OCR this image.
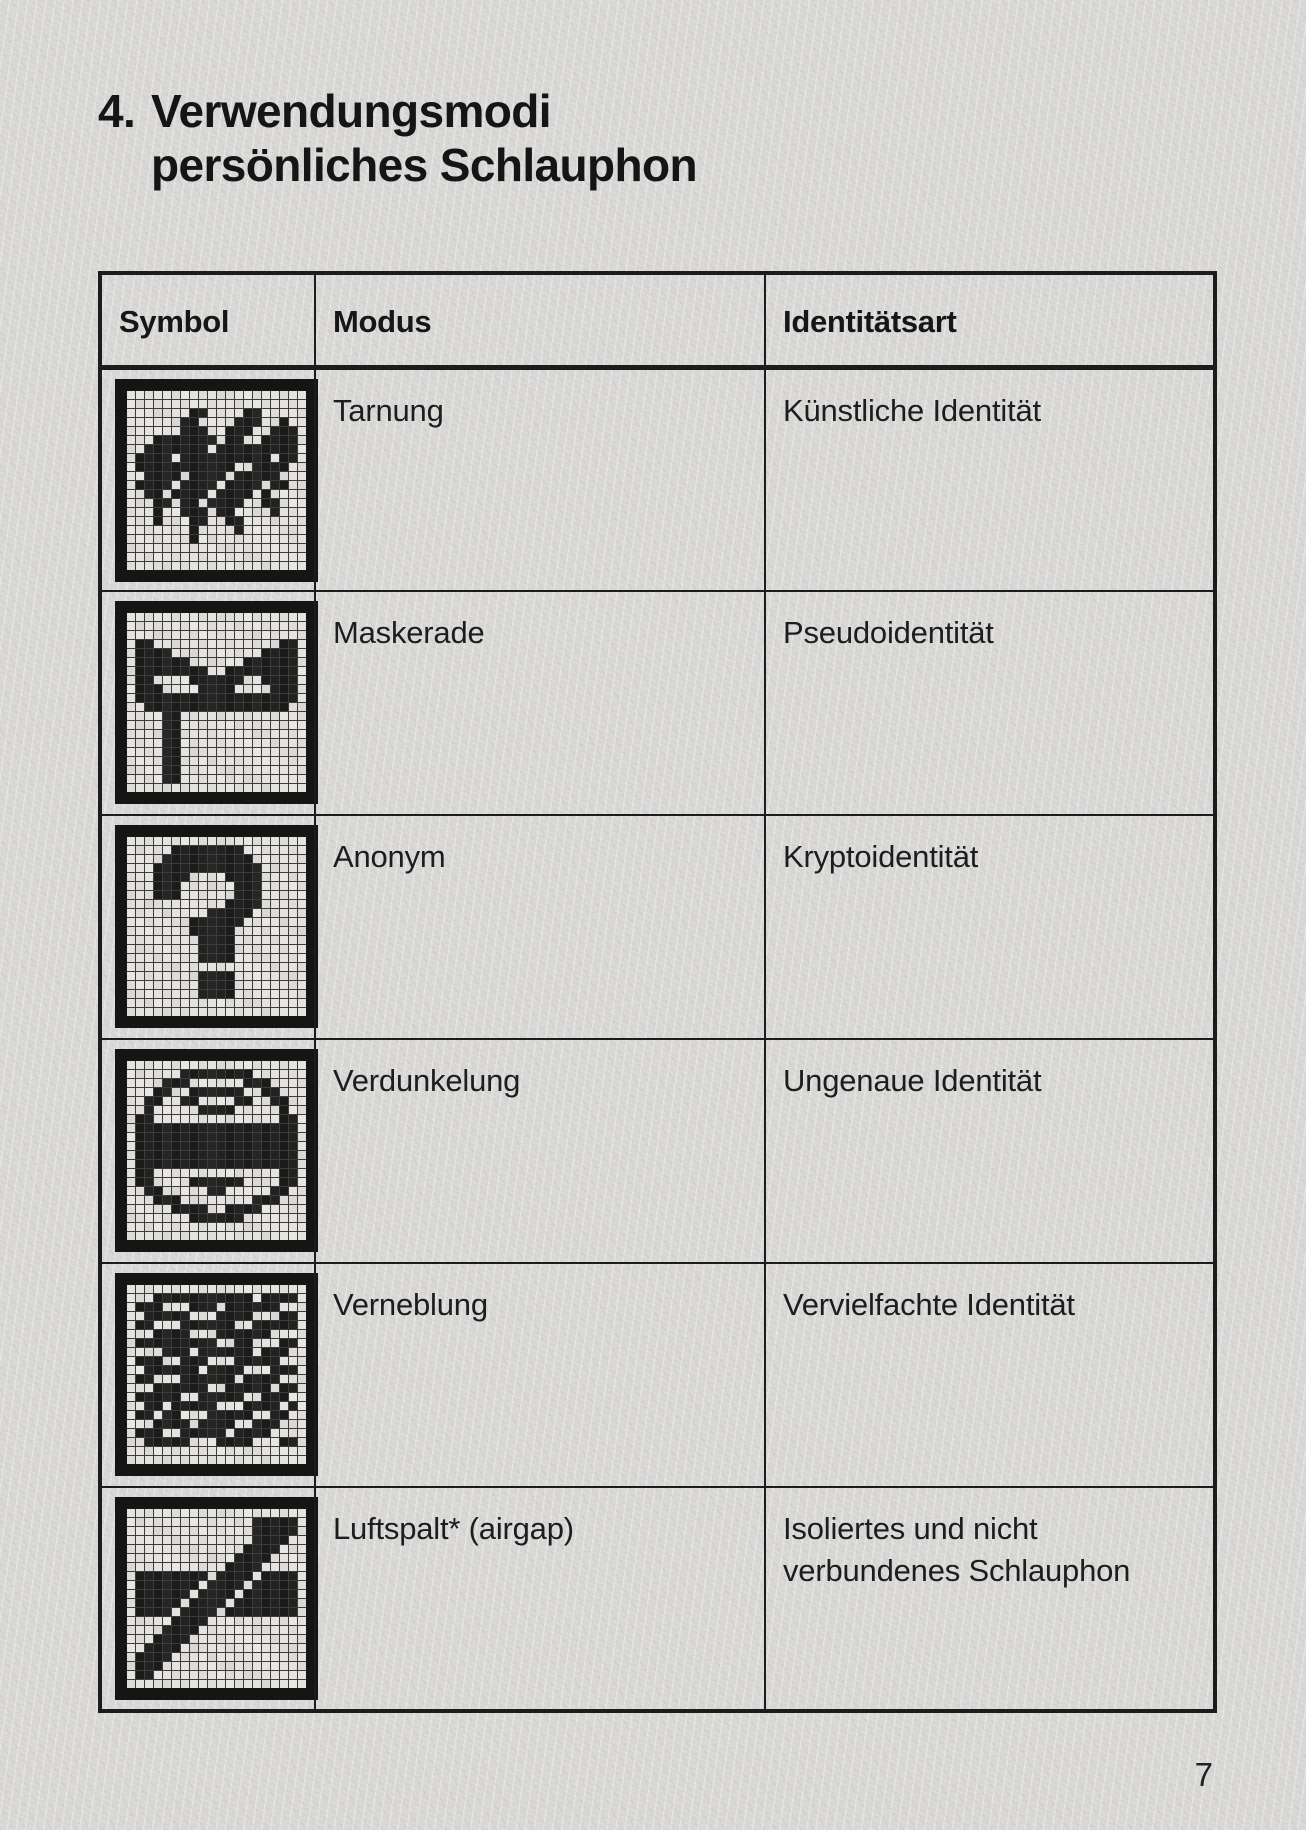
4. Verwendungsmodi
persönliches Schlauphon
Symbol	Modus	Identitätsart

	Tarnung	Künstliche Identität

	Maskerade	Pseudoidentität

	Anonym	Kryptoidentität

	Verdunkelung	Ungenaue Identität

	Verneblung	Vervielfachte Identität

	Luftspalt* (airgap)	Isoliertes und nicht verbundenes Schlauphon
7
